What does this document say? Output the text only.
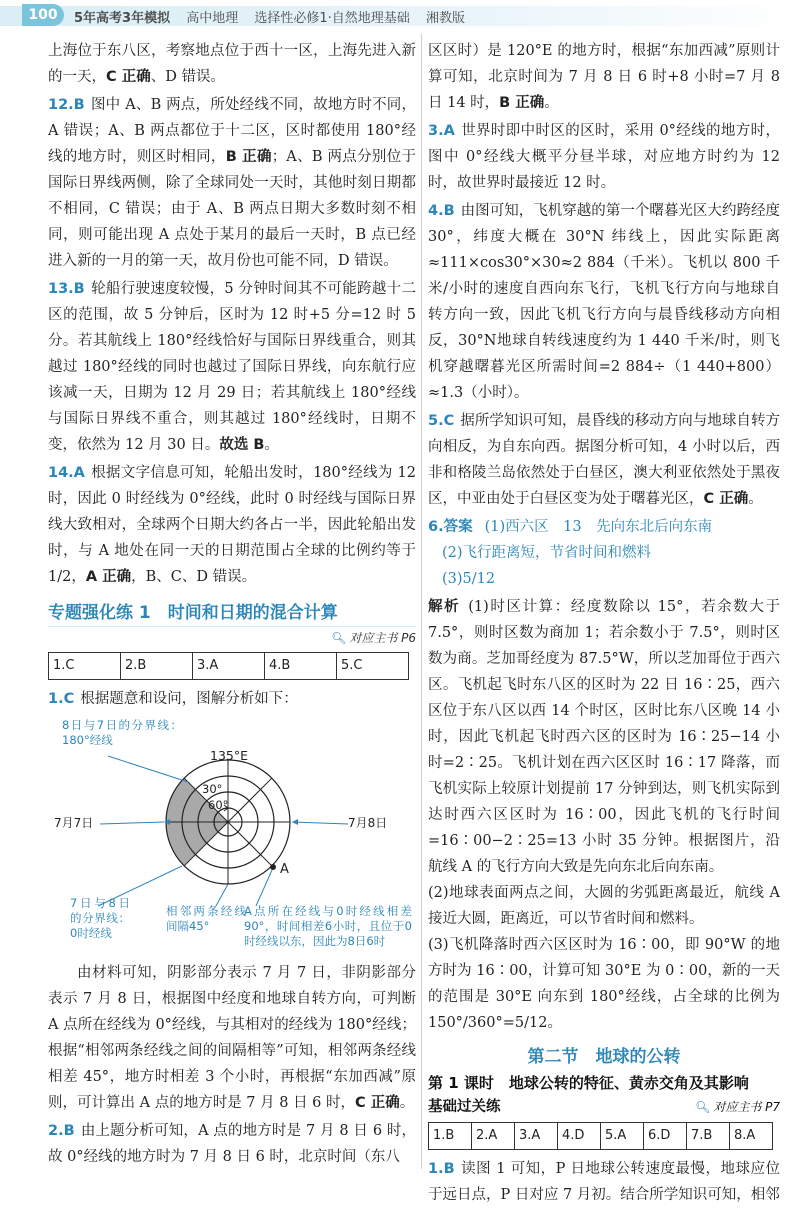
100	5年高考3年模拟 高中地理 选择性必修1·自然地理基础 湘教版
上海位于东八区，考察地点位于西十一区，上海先进入新的一天，C 正确、D 错误。
12.B 图中 A、B 两点，所处经线不同，故地方时不同，A 错误；A、B 两点都位于十二区，区时都使用 180°经线的地方时，则区时相同，B 正确；A、B 两点分别位于国际日界线两侧，除了全球同处一天时，其他时刻日期都不相同，C 错误；由于 A、B 两点日期大多数时刻不相同，则可能出现 A 点处于某月的最后一天时，B 点已经进入新的一月的第一天，故月份也可能不同，D 错误。
13.B 轮船行驶速度较慢，5 分钟时间其不可能跨越十二区的范围，故 5 分钟后，区时为 12 时+5 分=12 时 5 分。若其航线上 180°经线恰好与国际日界线重合，则其越过 180°经线的同时也越过了国际日界线，向东航行应该减一天，日期为 12 月 29 日；若其航线上 180°经线与国际日界线不重合，则其越过 180°经线时，日期不变，依然为 12 月 30 日。故选 B。
14.A 根据文字信息可知，轮船出发时，180°经线为 12 时，因此 0 时经线为 0°经线，此时 0 时经线与国际日界线大致相对，全球两个日期大约各占一半，因此轮船出发时，与 A 地处在同一天的日期范围占全球的比例约等于 1/2，A 正确，B、C、D 错误。
专题强化练 1　时间和日期的混合计算
🔍︎ 对应主书 P6
1.C	2.B	3.A	4.B	5.C
1.C 根据题意和设问，图解分析如下：
8日与7日的分界线：180°经线
135°E
30°
60°
7月7日	7月8日
A
7日与8日的分界线：0时经线
相邻两条经线间隔45°
A点所在经线与0时经线相差90°，时间相差6小时，且位于0时经线以东，因此为8日6时
由材料可知，阴影部分表示 7 月 7 日，非阴影部分表示 7 月 8 日，根据图中经度和地球自转方向，可判断 A 点所在经线为 0°经线，与其相对的经线为 180°经线；根据“相邻两条经线之间的间隔相等”可知，相邻两条经线相差 45°，地方时相差 3 个小时，再根据“东加西减”原则，可计算出 A 点的地方时是 7 月 8 日 6 时，C 正确。
2.B 由上题分析可知，A 点的地方时是 7 月 8 日 6 时，故 0°经线的地方时为 7 月 8 日 6 时，北京时间（东八
区区时）是 120°E 的地方时，根据“东加西减”原则计算可知，北京时间为 7 月 8 日 6 时+8 小时=7 月 8 日 14 时，B 正确。
3.A 世界时即中时区的区时，采用 0°经线的地方时，图中 0°经线大概平分昼半球，对应地方时约为 12 时，故世界时最接近 12 时。
4.B 由图可知，飞机穿越的第一个曙暮光区大约跨经度 30°，纬度大概在 30°N 纬线上，因此实际距离≈111×cos30°×30≈2 884（千米）。飞机以 800 千米/小时的速度自西向东飞行，飞机飞行方向与地球自转方向一致，因此飞机飞行方向与晨昏线移动方向相反，30°N地球自转线速度约为 1 440 千米/时，则飞机穿越曙暮光区所需时间=2 884÷（1 440+800）≈1.3（小时）。
5.C 据所学知识可知，晨昏线的移动方向与地球自转方向相反，为自东向西。据图分析可知，4 小时以后，西非和格陵兰岛依然处于白昼区，澳大利亚依然处于黑夜区，中亚由处于白昼区变为处于曙暮光区，C 正确。
6.答案 (1)西六区　13　先向东北后向东南

(2)飞行距离短，节省时间和燃料

(3)5/12

解析 (1)时区计算：经度数除以 15°，若余数大于 7.5°，则时区数为商加 1；若余数小于 7.5°，则时区数为商。芝加哥经度为 87.5°W，所以芝加哥位于西六区。飞机起飞时东八区的区时为 22 日 16∶25，西六区位于东八区以西 14 个时区，区时比东八区晚 14 小时，因此飞机起飞时西六区的区时为 16∶25−14 小时=2∶25。飞机计划在西六区区时 16∶17 降落，而飞机实际上较原计划提前 17 分钟到达，则飞机实际到达时西六区区时为 16∶00，因此飞机的飞行时间=16∶00−2∶25=13 小时 35 分钟。根据图片，沿航线 A 的飞行方向大致是先向东北后向东南。

(2)地球表面两点之间，大圆的劣弧距离最近，航线 A 接近大圆，距离近，可以节省时间和燃料。

(3)飞机降落时西六区区时为 16∶00，即 90°W 的地方时为 16∶00，计算可知 30°E 为 0∶00，新的一天的范围是 30°E 向东到 180°经线，占全球的比例为 150°/360°=5/12。

第二节　地球的公转
第 1 课时　地球公转的特征、黄赤交角及其影响
基础过关练	🔍︎ 对应主书 P7
1.B	2.A	3.A	4.D	5.A	6.D	7.B	8.A
1.B 读图 1 可知，P 日地球公转速度最慢，地球应位于远日点，P 日对应 7 月初。结合所学知识可知，相邻
